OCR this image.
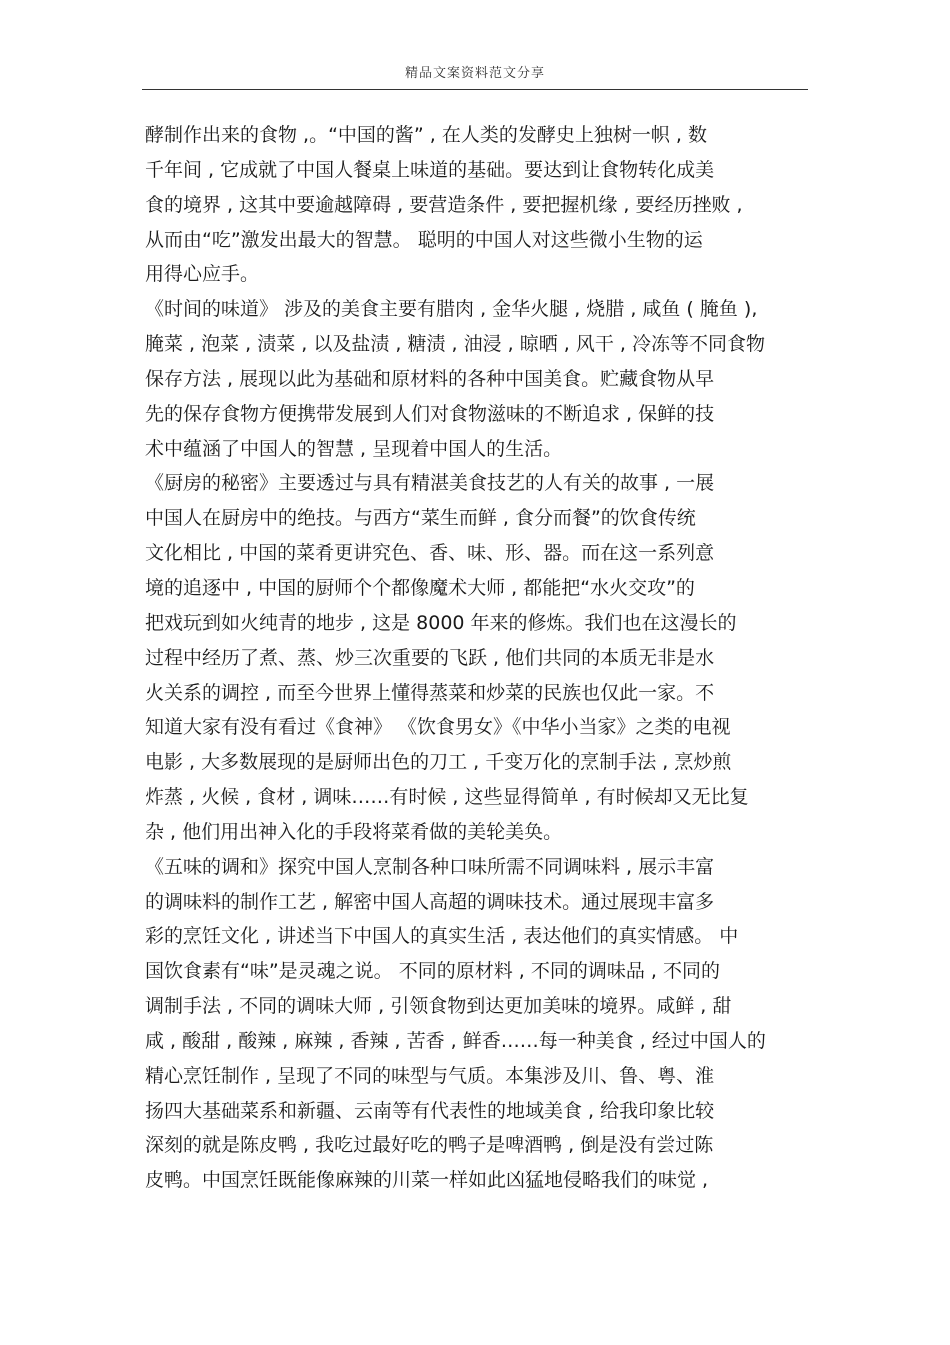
精品文案资料范文分享
酵制作出来的食物 ,。“中国的酱” , 在人类的发酵史上独树一帜 , 数
千年间 , 它成就了中国人餐桌上味道的基础。要达到让食物转化成美
食的境界 , 这其中要逾越障碍 , 要营造条件 , 要把握机缘 , 要经历挫败 ,
从而由“吃”激发出最大的智慧。 聪明的中国人对这些微小生物的运
用得心应手。
《时间的味道》 涉及的美食主要有腊肉 , 金华火腿 , 烧腊 , 咸鱼 ( 腌鱼 ),
腌菜 , 泡菜 , 渍菜 , 以及盐渍 , 糖渍 , 油浸 , 晾晒 , 风干 , 冷冻等不同食物
保存方法 , 展现以此为基础和原材料的各种中国美食。贮藏食物从早
先的保存食物方便携带发展到人们对食物滋味的不断追求 , 保鲜的技
术中蕴涵了中国人的智慧 , 呈现着中国人的生活。
《厨房的秘密》主要透过与具有精湛美食技艺的人有关的故事 , 一展
中国人在厨房中的绝技。与西方“菜生而鲜 , 食分而餐”的饮食传统
文化相比 , 中国的菜肴更讲究色、香、味、形、器。而在这一系列意
境的追逐中 , 中国的厨师个个都像魔术大师 , 都能把“水火交攻”的
把戏玩到如火纯青的地步 , 这是 8000 年来的修炼。我们也在这漫长的
过程中经历了煮、蒸、炒三次重要的飞跃 , 他们共同的本质无非是水
火关系的调控 , 而至今世界上懂得蒸菜和炒菜的民族也仅此一家。不
知道大家有没有看过《食神》 《饮食男女》《中华小当家》之类的电视
电影 , 大多数展现的是厨师出色的刀工 , 千变万化的烹制手法 , 烹炒煎
炸蒸 , 火候 , 食材 , 调味……有时候 , 这些显得简单 , 有时候却又无比复
杂 , 他们用出神入化的手段将菜肴做的美轮美奂。
《五味的调和》探究中国人烹制各种口味所需不同调味料 , 展示丰富
的调味料的制作工艺 , 解密中国人高超的调味技术。通过展现丰富多
彩的烹饪文化 , 讲述当下中国人的真实生活 , 表达他们的真实情感。 中
国饮食素有“味”是灵魂之说。 不同的原材料 , 不同的调味品 , 不同的
调制手法 , 不同的调味大师 , 引领食物到达更加美味的境界。咸鲜 , 甜
咸 , 酸甜 , 酸辣 , 麻辣 , 香辣 , 苦香 , 鲜香……每一种美食 , 经过中国人的
精心烹饪制作 , 呈现了不同的味型与气质。本集涉及川、鲁、粤、淮
扬四大基础菜系和新疆、云南等有代表性的地域美食 , 给我印象比较
深刻的就是陈皮鸭 , 我吃过最好吃的鸭子是啤酒鸭 , 倒是没有尝过陈
皮鸭。中国烹饪既能像麻辣的川菜一样如此凶猛地侵略我们的味觉 ,
